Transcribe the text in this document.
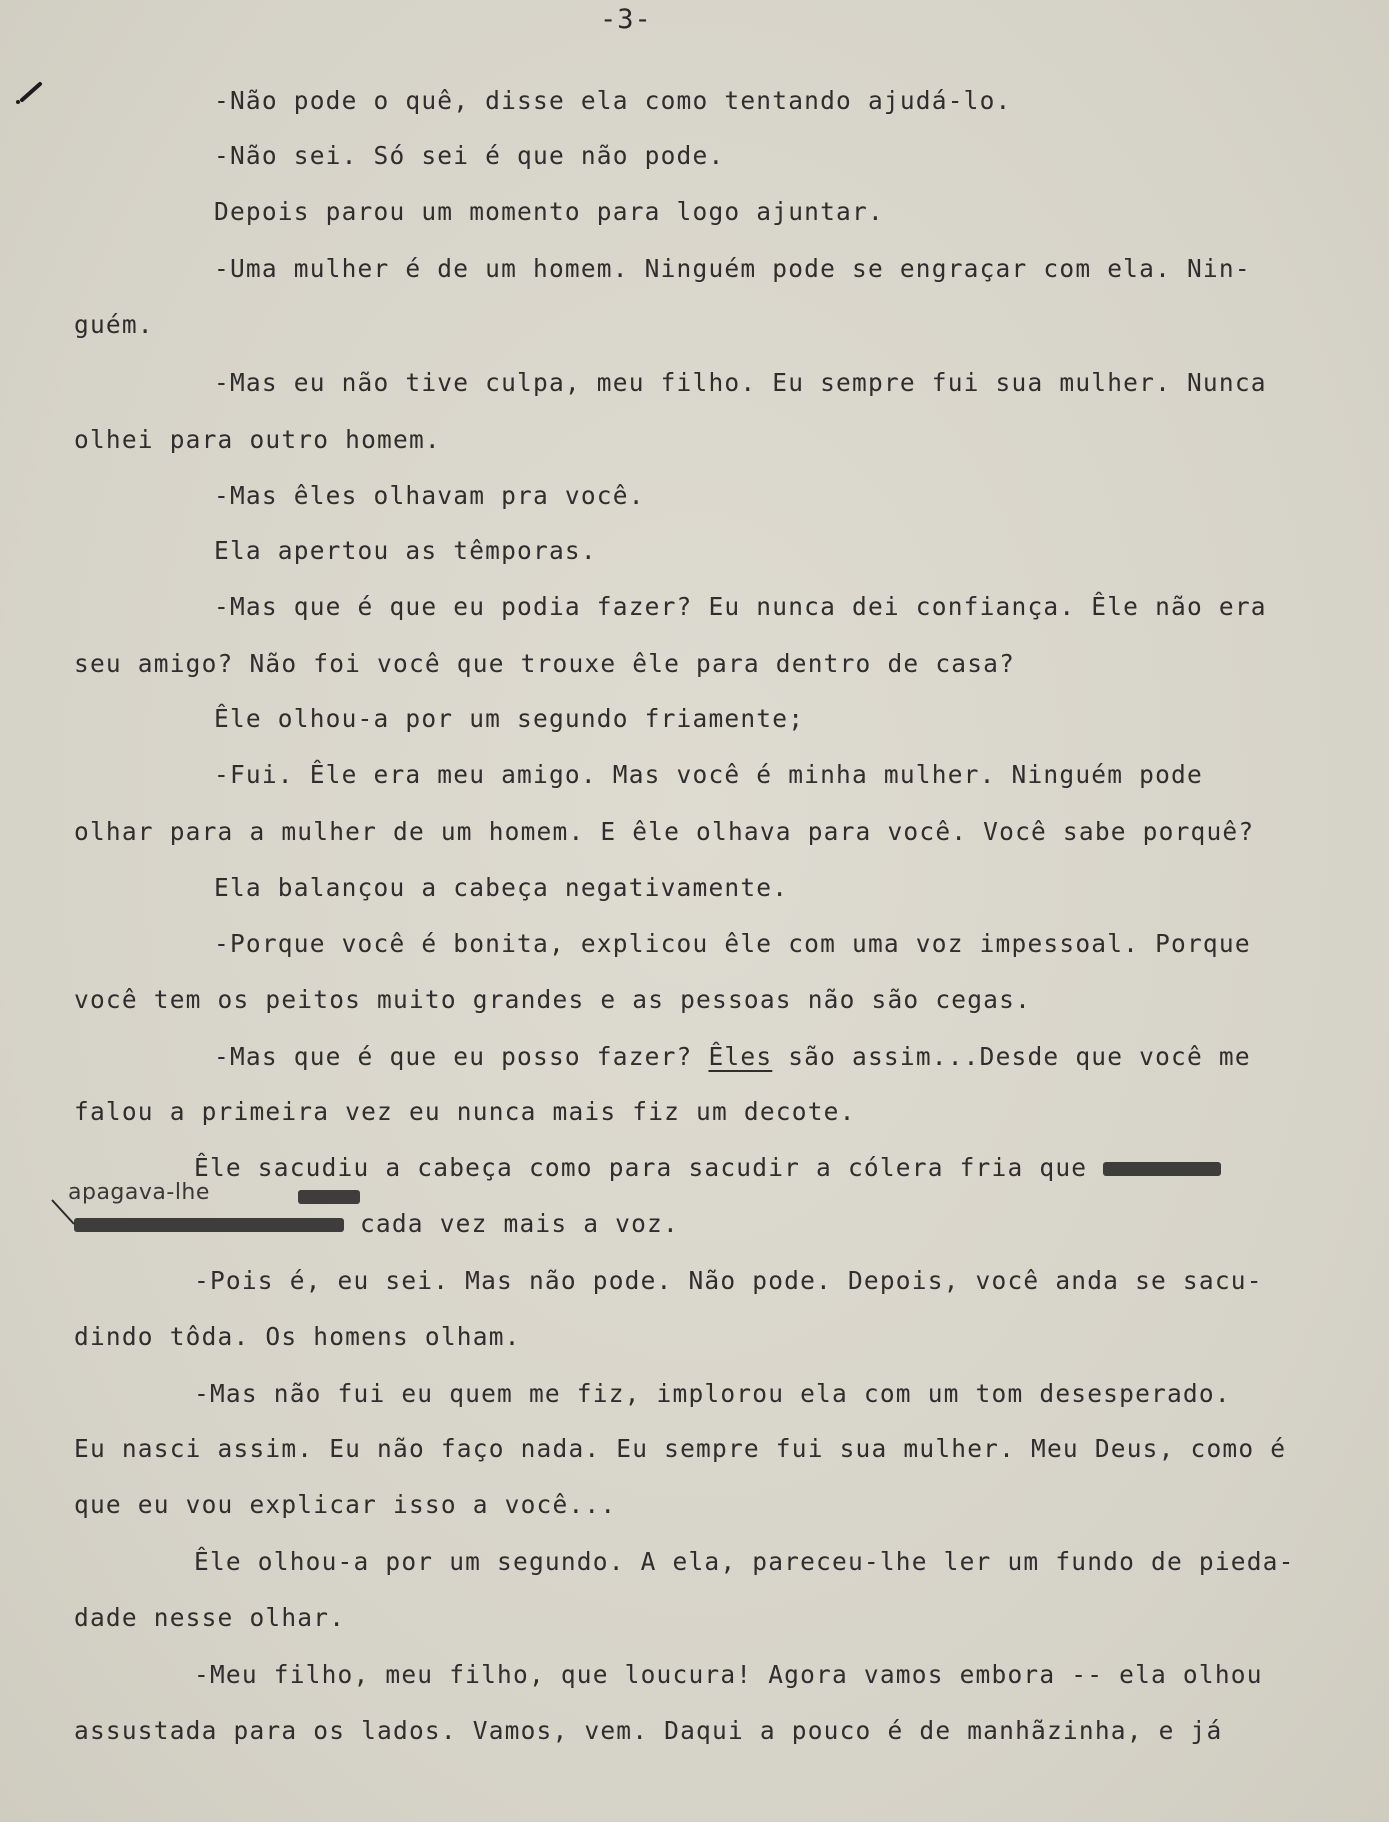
-3-
-Não pode o quê, disse ela como tentando ajudá-lo.
-Não sei. Só sei é que não pode.
Depois parou um momento para logo ajuntar.
-Uma mulher é de um homem. Ninguém pode se engraçar com ela. Nin-
guém.
-Mas eu não tive culpa, meu filho. Eu sempre fui sua mulher. Nunca
olhei para outro homem.
-Mas êles olhavam pra você.
Ela apertou as têmporas.
-Mas que é que eu podia fazer? Eu nunca dei confiança. Êle não era
seu amigo? Não foi você que trouxe êle para dentro de casa?
Êle olhou-a por um segundo friamente;
-Fui. Êle era meu amigo. Mas você é minha mulher. Ninguém pode
olhar para a mulher de um homem. E êle olhava para você. Você sabe porquê?
Ela balançou a cabeça negativamente.
-Porque você é bonita, explicou êle com uma voz impessoal. Porque
você tem os peitos muito grandes e as pessoas não são cegas.
-Mas que é que eu posso fazer? Êles são assim...Desde que você me
falou a primeira vez eu nunca mais fiz um decote.
Êle sacudiu a cabeça como para sacudir a cólera fria que
apagava-lhe
cada vez mais a voz.
-Pois é, eu sei. Mas não pode. Não pode. Depois, você anda se sacu-
dindo tôda. Os homens olham.
-Mas não fui eu quem me fiz, implorou ela com um tom desesperado.
Eu nasci assim. Eu não faço nada. Eu sempre fui sua mulher. Meu Deus, como é
que eu vou explicar isso a você...
Êle olhou-a por um segundo. A ela, pareceu-lhe ler um fundo de pieda-
dade nesse olhar.
-Meu filho, meu filho, que loucura! Agora vamos embora -- ela olhou
assustada para os lados. Vamos, vem. Daqui a pouco é de manhãzinha, e já
